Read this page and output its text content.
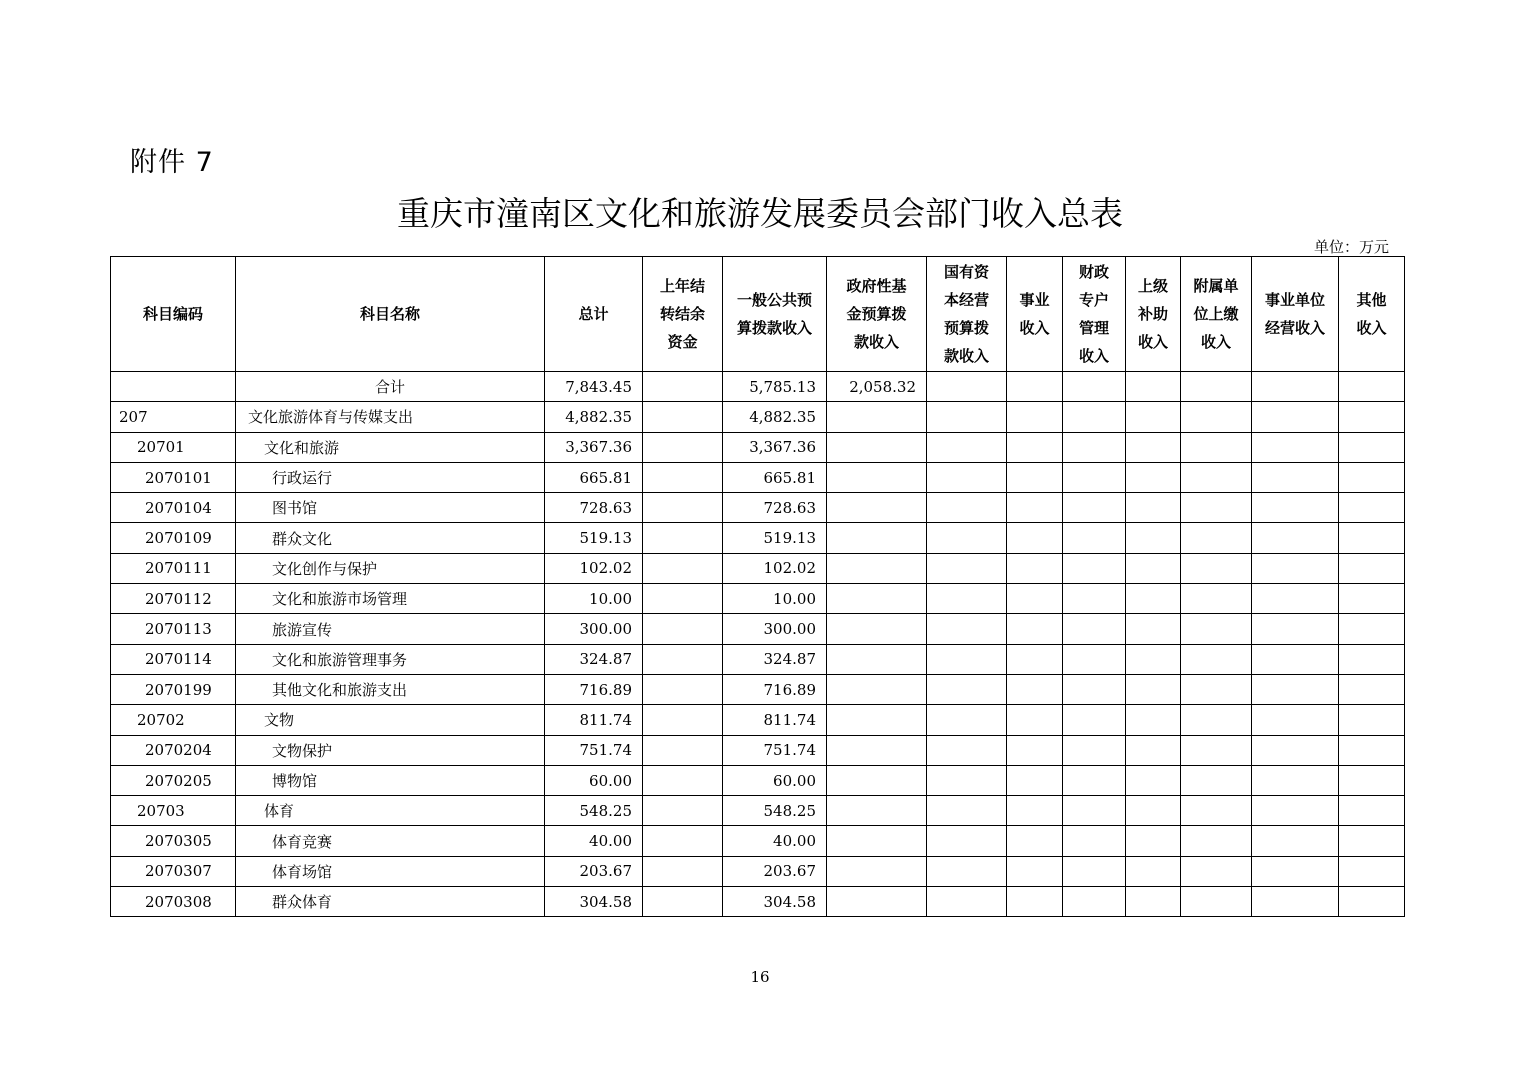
附件 7
重庆市潼南区文化和旅游发展委员会部门收入总表
单位：万元
科目编码	科目名称	总计	上年结转结余资金	一般公共预算拨款收入	政府性基金预算拨款收入	国有资本经营预算拨款收入	事业收入	财政专户管理收入	上级补助收入	附属单位上缴收入	事业单位经营收入	其他收入
	合计	7,843.45		5,785.13	2,058.32							
207	文化旅游体育与传媒支出	4,882.35		4,882.35								
20701	文化和旅游	3,367.36		3,367.36								
2070101	行政运行	665.81		665.81								
2070104	图书馆	728.63		728.63								
2070109	群众文化	519.13		519.13								
2070111	文化创作与保护	102.02		102.02								
2070112	文化和旅游市场管理	10.00		10.00								
2070113	旅游宣传	300.00		300.00								
2070114	文化和旅游管理事务	324.87		324.87								
2070199	其他文化和旅游支出	716.89		716.89								
20702	文物	811.74		811.74								
2070204	文物保护	751.74		751.74								
2070205	博物馆	60.00		60.00								
20703	体育	548.25		548.25								
2070305	体育竞赛	40.00		40.00								
2070307	体育场馆	203.67		203.67								
2070308	群众体育	304.58		304.58								
16
